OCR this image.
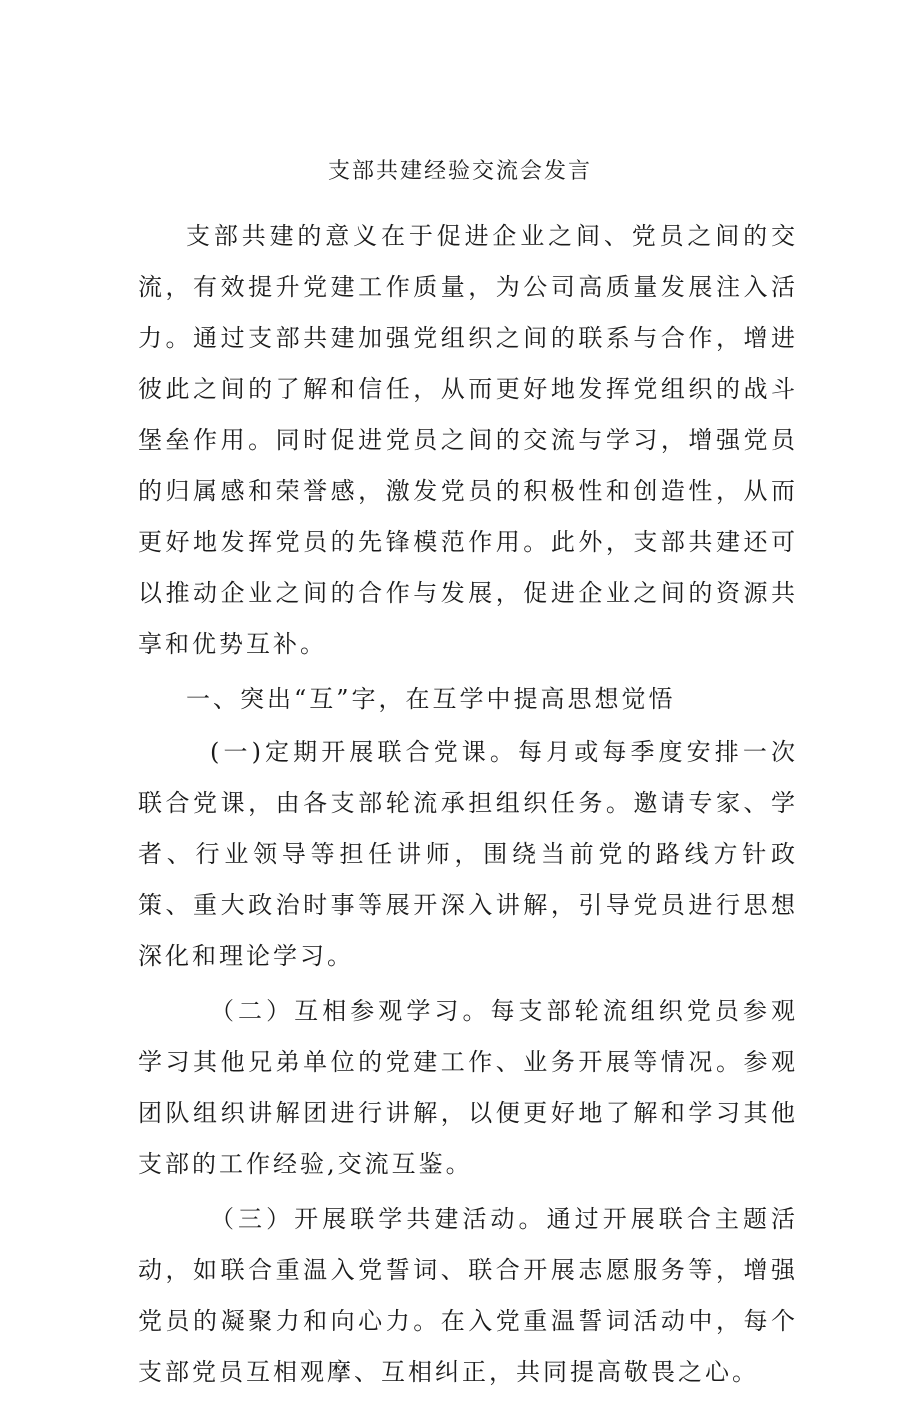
支部共建经验交流会发言

支部共建的意义在于促进企业之间、党员之间的交流，有效提升党建工作质量，为公司高质量发展注入活力。通过支部共建加强党组织之间的联系与合作，增进彼此之间的了解和信任，从而更好地发挥党组织的战斗堡垒作用。同时促进党员之间的交流与学习，增强党员的归属感和荣誉感，激发党员的积极性和创造性，从而更好地发挥党员的先锋模范作用。此外，支部共建还可以推动企业之间的合作与发展，促进企业之间的资源共享和优势互补。

一、突出“互”字，在互学中提高思想觉悟

(一)定期开展联合党课。每月或每季度安排一次联合党课，由各支部轮流承担组织任务。邀请专家、学者、行业领导等担任讲师，围绕当前党的路线方针政策、重大政治时事等展开深入讲解，引导党员进行思想深化和理论学习。

（二）互相参观学习。每支部轮流组织党员参观学习其他兄弟单位的党建工作、业务开展等情况。参观团队组织讲解团进行讲解，以便更好地了解和学习其他支部的工作经验,交流互鉴。

（三）开展联学共建活动。通过开展联合主题活动，如联合重温入党誓词、联合开展志愿服务等，增强党员的凝聚力和向心力。在入党重温誓词活动中，每个支部党员互相观摩、互相纠正，共同提高敬畏之心。
